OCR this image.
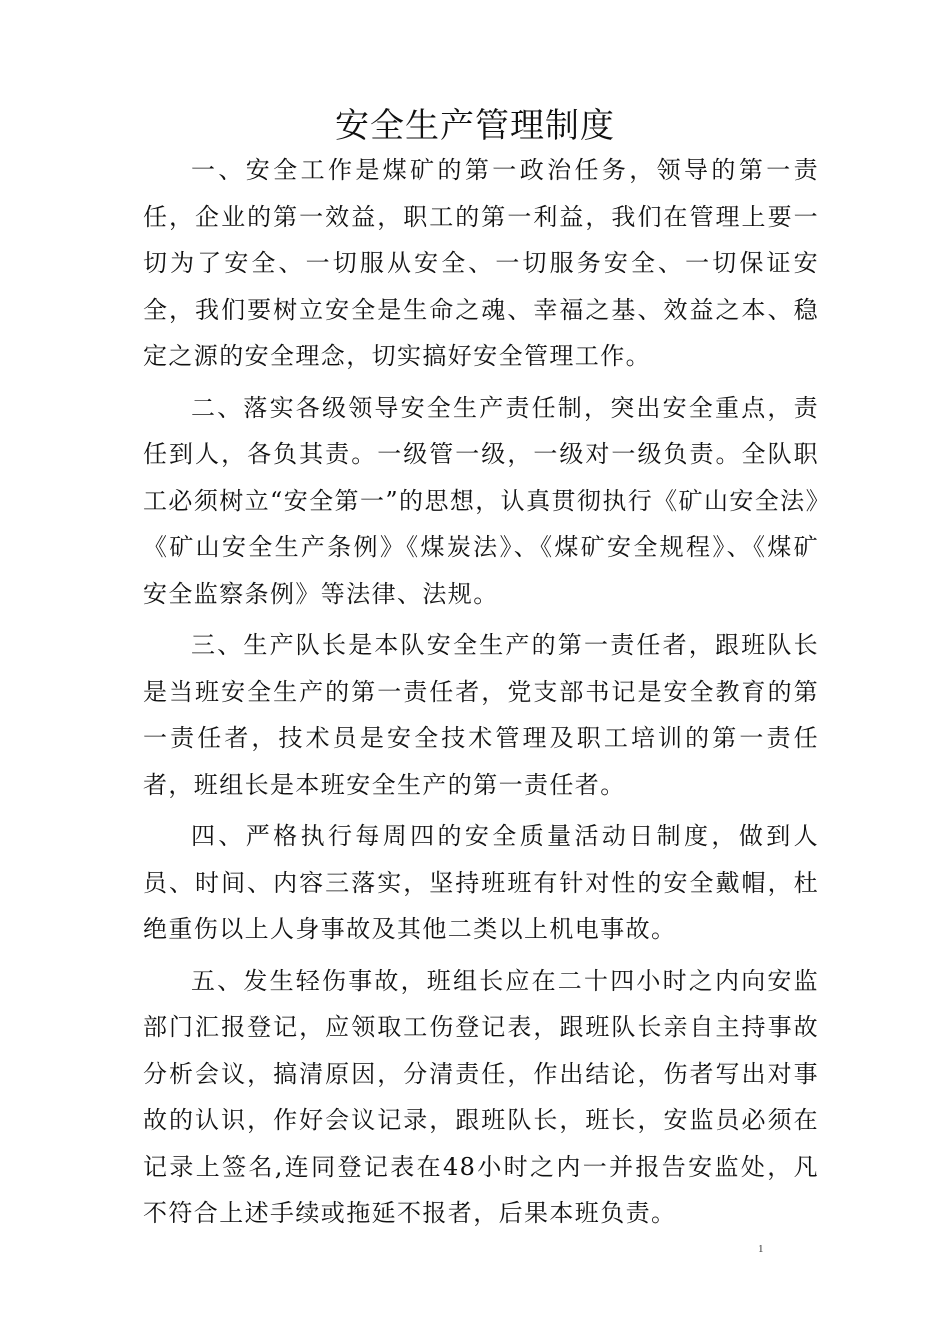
安全生产管理制度

一、安全工作是煤矿的第一政治任务，领导的第一责任，企业的第一效益，职工的第一利益，我们在管理上要一切为了安全、一切服从安全、一切服务安全、一切保证安全，我们要树立安全是生命之魂、幸福之基、效益之本、稳定之源的安全理念，切实搞好安全管理工作。

二、落实各级领导安全生产责任制，突出安全重点，责任到人，各负其责。一级管一级，一级对一级负责。全队职工必须树立“安全第一”的思想，认真贯彻执行《矿山安全法》《矿山安全生产条例》《煤炭法》、《煤矿安全规程》、《煤矿安全监察条例》等法律、法规。

三、生产队长是本队安全生产的第一责任者，跟班队长是当班安全生产的第一责任者，党支部书记是安全教育的第一责任者，技术员是安全技术管理及职工培训的第一责任者，班组长是本班安全生产的第一责任者。

四、严格执行每周四的安全质量活动日制度，做到人员、时间、内容三落实，坚持班班有针对性的安全戴帽，杜绝重伤以上人身事故及其他二类以上机电事故。

五、发生轻伤事故，班组长应在二十四小时之内向安监部门汇报登记，应领取工伤登记表，跟班队长亲自主持事故分析会议，搞清原因，分清责任，作出结论，伤者写出对事故的认识，作好会议记录，跟班队长，班长，安监员必须在记录上签名,连同登记表在48小时之内一并报告安监处，凡不符合上述手续或拖延不报者，后果本班负责。

1
